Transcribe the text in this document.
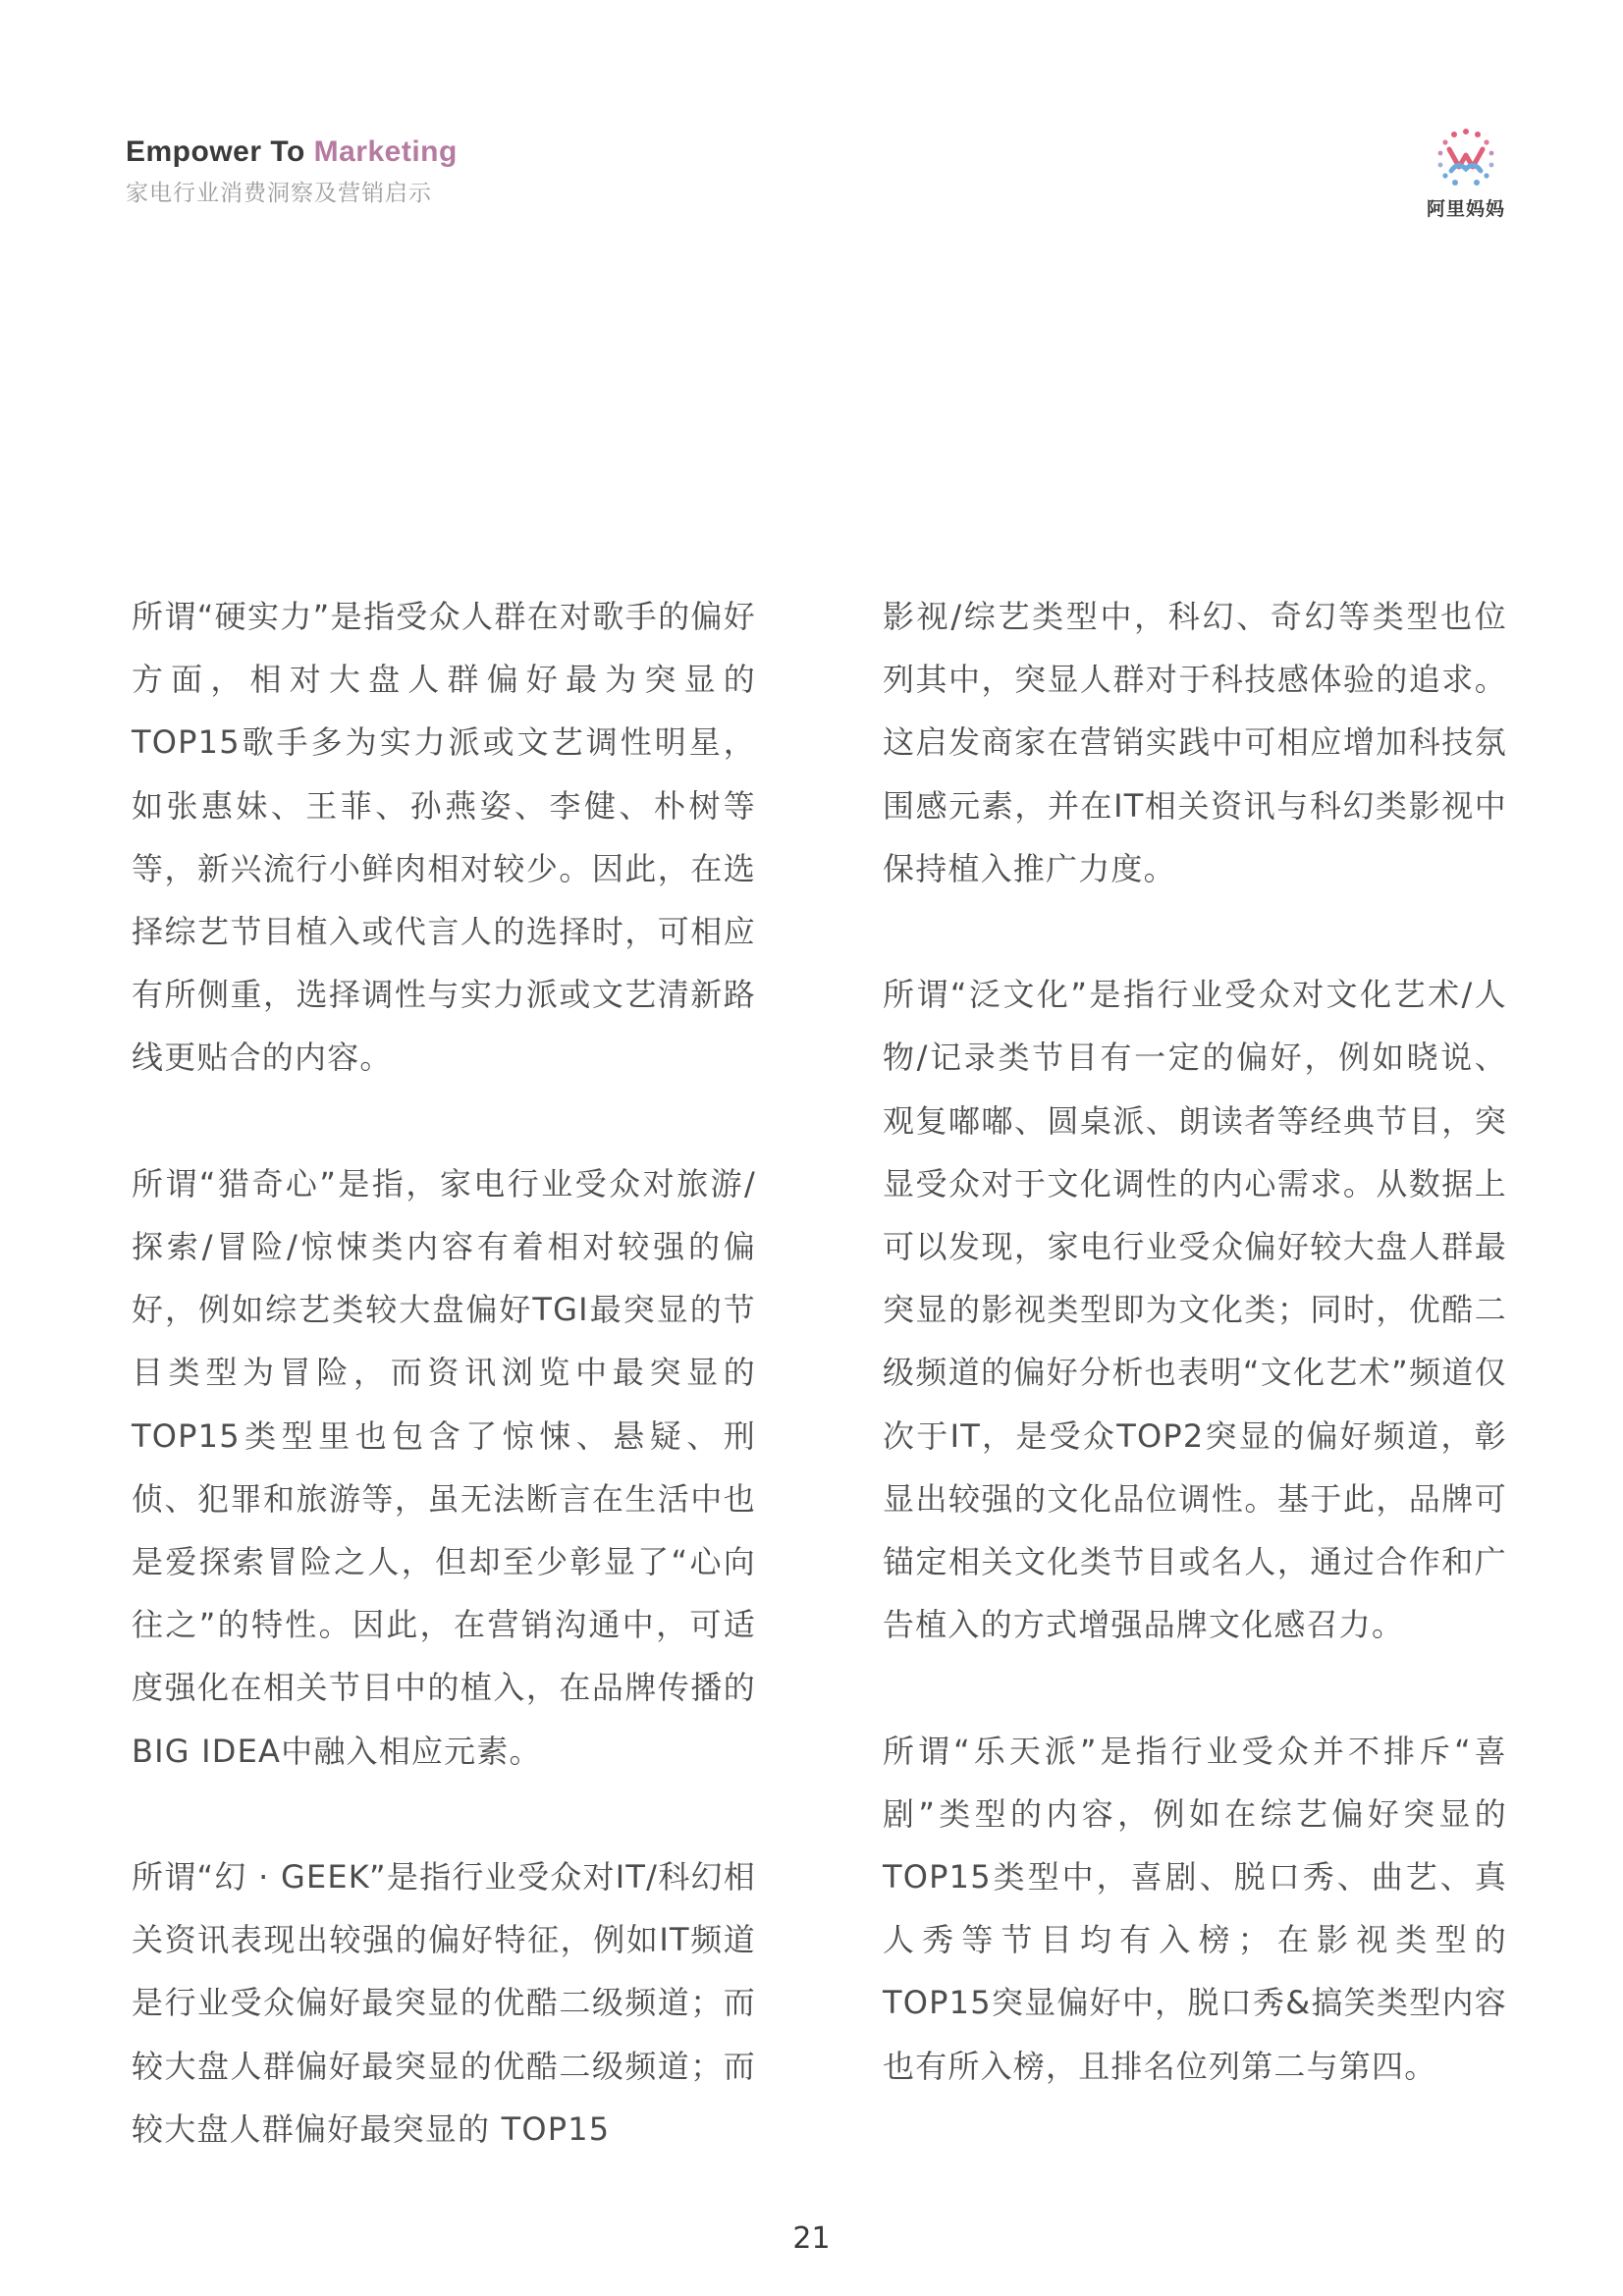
Empower To Marketing
家电行业消费洞察及营销启示
阿里妈妈

所谓“硬实力”是指受众人群在对歌手的偏好方面，相对大盘人群偏好最为突显的TOP15歌手多为实力派或文艺调性明星，如张惠妹、王菲、孙燕姿、李健、朴树等等，新兴流行小鲜肉相对较少。因此，在选择综艺节目植入或代言人的选择时，可相应有所侧重，选择调性与实力派或文艺清新路线更贴合的内容。

所谓“猎奇心”是指，家电行业受众对旅游/探索/冒险/惊悚类内容有着相对较强的偏好，例如综艺类较大盘偏好TGI最突显的节目类型为冒险，而资讯浏览中最突显的TOP15类型里也包含了惊悚、悬疑、刑侦、犯罪和旅游等，虽无法断言在生活中也是爱探索冒险之人，但却至少彰显了“心向往之”的特性。因此，在营销沟通中，可适度强化在相关节目中的植入，在品牌传播的BIG IDEA中融入相应元素。

所谓“幻 · GEEK”是指行业受众对IT/科幻相关资讯表现出较强的偏好特征，例如IT频道是行业受众偏好最突显的优酷二级频道；而较大盘人群偏好最突显的优酷二级频道；而较大盘人群偏好最突显的 TOP15

影视/综艺类型中，科幻、奇幻等类型也位列其中，突显人群对于科技感体验的追求。这启发商家在营销实践中可相应增加科技氛围感元素，并在IT相关资讯与科幻类影视中保持植入推广力度。

所谓“泛文化”是指行业受众对文化艺术/人物/记录类节目有一定的偏好，例如晓说、观复嘟嘟、圆桌派、朗读者等经典节目，突显受众对于文化调性的内心需求。从数据上可以发现，家电行业受众偏好较大盘人群最突显的影视类型即为文化类；同时，优酷二级频道的偏好分析也表明“文化艺术”频道仅次于IT，是受众TOP2突显的偏好频道，彰显出较强的文化品位调性。基于此，品牌可锚定相关文化类节目或名人，通过合作和广告植入的方式增强品牌文化感召力。

所谓“乐天派”是指行业受众并不排斥“喜剧”类型的内容，例如在综艺偏好突显的TOP15类型中，喜剧、脱口秀、曲艺、真人秀等节目均有入榜；在影视类型的TOP15突显偏好中，脱口秀&搞笑类型内容也有所入榜，且排名位列第二与第四。

21
